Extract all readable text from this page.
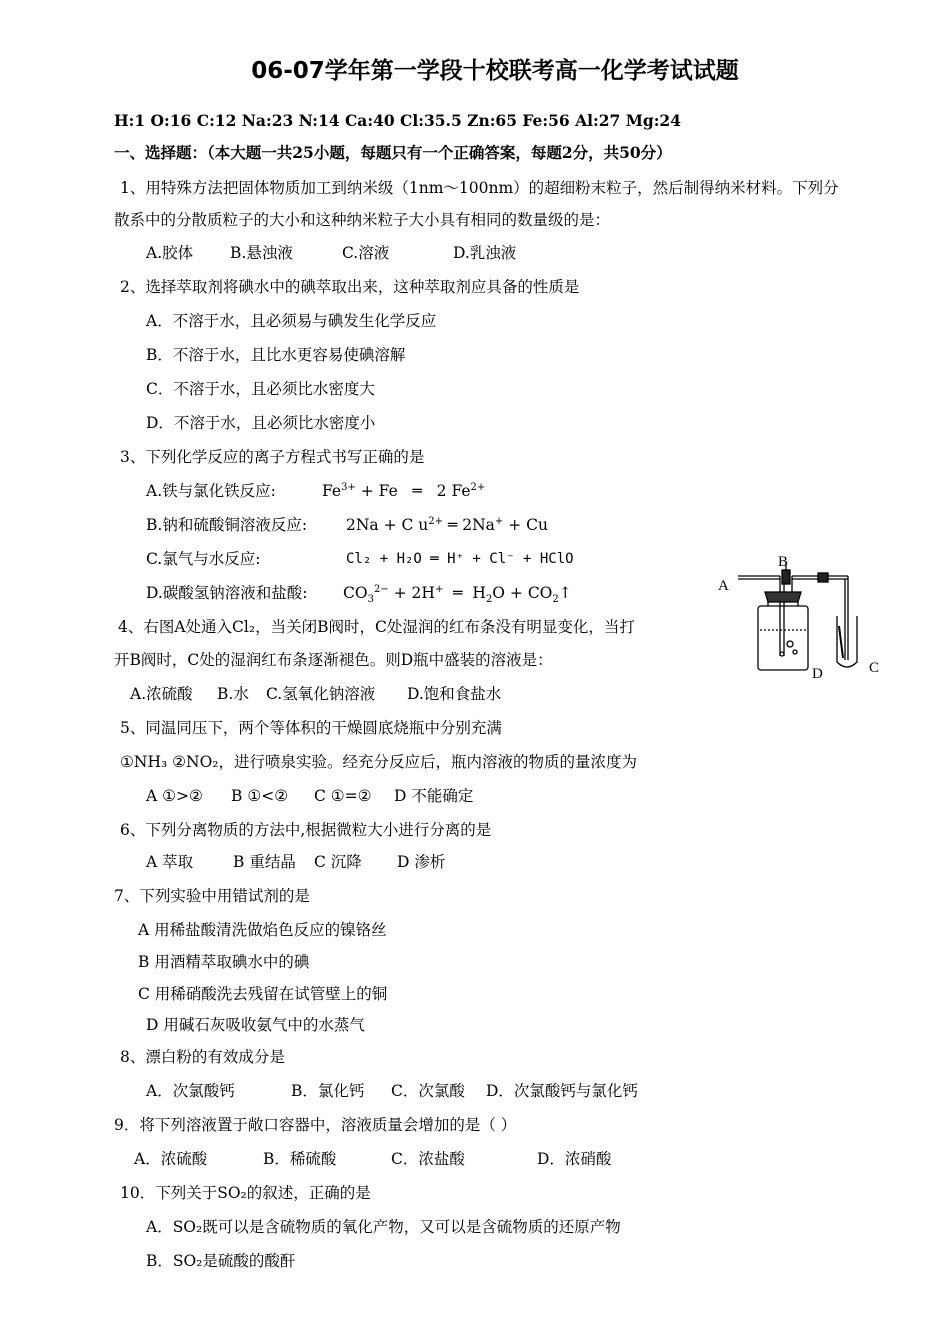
06-07学年第一学段十校联考高一化学考试试题
H:1 O:16 C:12 Na:23 N:14 Ca:40 Cl:35.5 Zn:65 Fe:56 Al:27 Mg:24
一、选择题：（本大题一共25小题，每题只有一个正确答案，每题2分，共50分）
1、用特殊方法把固体物质加工到纳米级（1nm～100nm）的超细粉末粒子，然后制得纳米材料。下列分
散系中的分散质粒子的大小和这种纳米粒子大小具有相同的数量级的是：
A.胶体 B.悬浊液	C.溶液	D.乳浊液
2、选择萃取剂将碘水中的碘萃取出来，这种萃取剂应具备的性质是
A．不溶于水，且必须易与碘发生化学反应
B．不溶于水，且比水更容易使碘溶解
C．不溶于水，且必须比水密度大
D．不溶于水，且必须比水密度小
3、下列化学反应的离子方程式书写正确的是
A.铁与氯化铁反应:	$Fe^{3+} + Fe$   ═   2 $Fe^{2+}$
B.钠和硫酸铜溶液反应:	2Na + C $u^{2+}$ ═ 2Na+ + Cu
C.氯气与水反应:	Cl₂ + H₂O ═ H⁺ + Cl⁻ + HClO
D.碳酸氢钠溶液和盐酸: $CO_3^{2-} + 2H^+$  ═  $H_2O$ + $CO_2↑$
4、右图A处通入Cl₂，当关闭B阀时，C处湿润的红布条没有明显变化，当打
开B阀时，C处的湿润红布条逐渐褪色。则D瓶中盛装的溶液是：
A.浓硫酸 B.水 C.氢氧化钠溶液 D.饱和食盐水
A
B
C
D
5、同温同压下，两个等体积的干燥圆底烧瓶中分别充满
①NH₃ ②NO₂，进行喷泉实验。经充分反应后，瓶内溶液的物质的量浓度为
A ①>② B ①<② C ①=② D 不能确定
6、下列分离物质的方法中,根据微粒大小进行分离的是
A 萃取	B 重结晶 C 沉降 D 渗析
7、下列实验中用错试剂的是
A 用稀盐酸清洗做焰色反应的镍铬丝
B 用酒精萃取碘水中的碘
C 用稀硝酸洗去残留在试管壁上的铜
D 用碱石灰吸收氨气中的水蒸气
8、漂白粉的有效成分是
A．次氯酸钙	B．氯化钙 C．次氯酸 D．次氯酸钙与氯化钙
9．将下列溶液置于敞口容器中，溶液质量会增加的是（ ）
A．浓硫酸	B．稀硫酸	C．浓盐酸	D．浓硝酸
10．下列关于SO₂的叙述，正确的是
A．SO₂既可以是含硫物质的氧化产物，又可以是含硫物质的还原产物
B．SO₂是硫酸的酸酐
